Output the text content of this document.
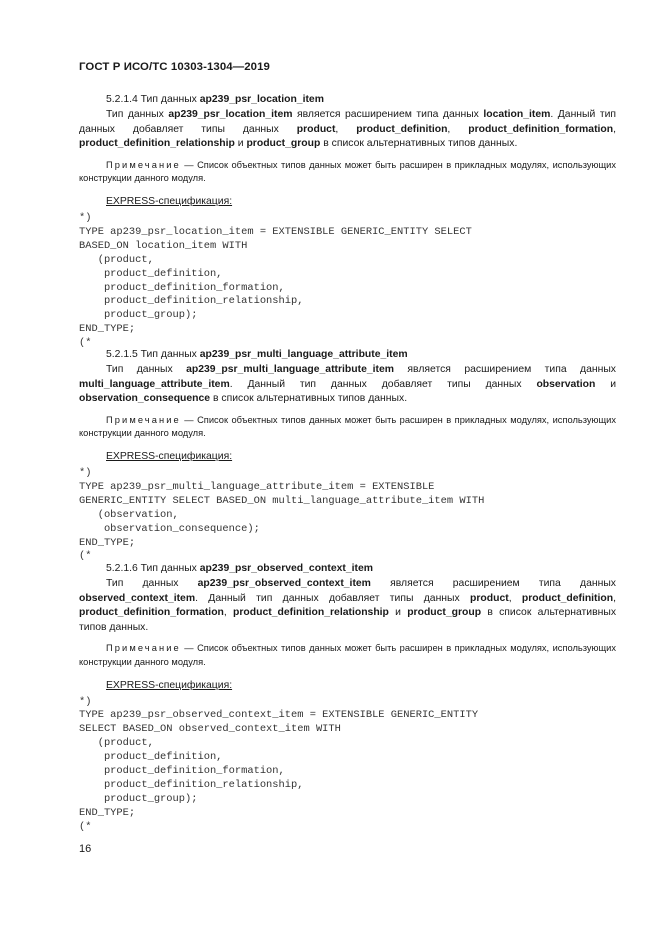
ГОСТ Р ИСО/ТС 10303-1304—2019
5.2.1.4 Тип данных ap239_psr_location_item
Тип данных ap239_psr_location_item является расширением типа данных location_item. Данный тип данных добавляет типы данных product, product_definition, product_definition_formation, product_definition_relationship и product_group в список альтернативных типов данных.
Примечание — Список объектных типов данных может быть расширен в прикладных модулях, использующих конструкции данного модуля.
EXPRESS-спецификация:
*)
TYPE ap239_psr_location_item = EXTENSIBLE GENERIC_ENTITY SELECT
BASED_ON location_item WITH
(product,
product_definition,
product_definition_formation,
product_definition_relationship,
product_group);
END_TYPE;
(*
5.2.1.5 Тип данных ap239_psr_multi_language_attribute_item
Тип данных ap239_psr_multi_language_attribute_item является расширением типа данных multi_language_attribute_item. Данный тип данных добавляет типы данных observation и observation_consequence в список альтернативных типов данных.
Примечание — Список объектных типов данных может быть расширен в прикладных модулях, использующих конструкции данного модуля.
EXPRESS-спецификация:
*)
TYPE ap239_psr_multi_language_attribute_item = EXTENSIBLE
GENERIC_ENTITY SELECT BASED_ON multi_language_attribute_item WITH
(observation,
observation_consequence);
END_TYPE;
(*
5.2.1.6 Тип данных ap239_psr_observed_context_item
Тип данных ap239_psr_observed_context_item является расширением типа данных observed_context_item. Данный тип данных добавляет типы данных product, product_definition, product_definition_formation, product_definition_relationship и product_group в список альтернативных типов данных.
Примечание — Список объектных типов данных может быть расширен в прикладных модулях, использующих конструкции данного модуля.
EXPRESS-спецификация:
*)
TYPE ap239_psr_observed_context_item = EXTENSIBLE GENERIC_ENTITY
SELECT BASED_ON observed_context_item WITH
(product,
product_definition,
product_definition_formation,
product_definition_relationship,
product_group);
END_TYPE;
(*
16
